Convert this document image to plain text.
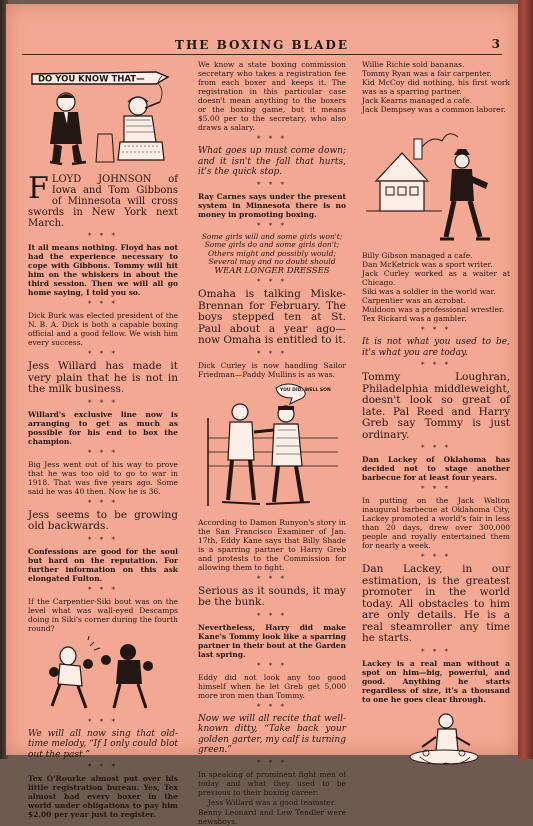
THE BOXING BLADE	3
DO YOU KNOW THAT—

FLOYD JOHNSON of Iowa and Tom Gibbons of Minnesota will cross swords in New York next March.

* * *

It all means nothing. Floyd has not had the experience necessary to cope with Gibbons. Tommy will hit him on the whiskers in about the third session. Then we will all go home saying, I told you so.

* * *

Dick Burk was elected president of the N. B. A. Dick is both a capable boxing official and a good fellow. We wish him every success.

* * *

Jess Willard has made it very plain that he is not in the milk business.

* * *

Willard's exclusive line now is arranging to get as much as possible for his end to box the champion.

* * *

Big Jess went out of his way to prove that he was too old to go to war in 1918. That was five years ago. Some said he was 40 then. Now he is 36.

* * *

Jess seems to be growing old backwards.

* * *

Confessions are good for the soul but hard on the reputation. For further information on this ask elongated Fulton.

* * *

If the Carpentier-Siki bout was on the level what was wall-eyed Descamps doing in Siki's corner during the fourth round?

* * *

We will all now sing that old-time melody, “If I only could blot out the past.”

* * *

Tex O'Rourke almost put over his little registration bureau. Yes, Tex almost had every boxer in the world under obligations to pay him $2.00 per year just to register.

We know a state boxing commission secretary who takes a registration fee from each boxer and keeps it. The registration in this particular case doesn't mean anything to the boxers or the boxing game, but it means $5.00 per to the secretary, who also draws a salary.

* * *

What goes up must come down; and it isn't the fall that hurts, it's the quick stop.

* * *

Ray Carnes says under the present system in Minnesota there is no money in promoting boxing.

* * *

Some girls will and some girls won't;

Some girls do and some girls don't;

Others might and possibly would;

Several may and no doubt should

WEAR LONGER DRESSES

* * *

Omaha is talking Miske-Brennan for February. The boys stepped ten at St. Paul about a year ago—now Omaha is entitled to it.

* * *

Dick Curley is now handling Sailor Friedman—Paddy Mullins is as was.

YOU DID, WELL SON

According to Damon Runyon's story in the San Francisco Examiner of Jan. 17th, Eddy Kane says that Billy Shade is a sparring partner to Harry Greb and protests to the Commission for allowing them to fight.

* * *

Serious as it sounds, it may be the bunk.

* * *

Nevertheless, Harry did make Kane's Tommy look like a sparring partner in their bout at the Garden last spring.

* * *

Eddy did not look any too good himself when he let Greb get 5,000 more iron men than Tommy.

* * *

Now we will all recite that well-known ditty, “Take back your golden garter, my calf is turning green.”

* * *

In speaking of prominent fight men of today and what they used to be previous to their boxing career:

Jess Willard was a good teamster.

Benny Leonard and Lew Tendler were newsboys.

Willie Richie sold bananas.

Tommy Ryan was a fair carpenter.

Kid McCoy did nothing, his first work was as a sparring partner.

Jack Kearns managed a cafe.

Jack Dempsey was a common laborer.

Billy Gibson managed a cafe.

Dan McKetrick was a sport writer.

Jack Curley worked as a waiter at Chicago.

Siki was a soldier in the world war.

Carpentier was an acrobat.

Muldoon was a professional wrestler.

Tex Rickard was a gambler.

* * *

It is not what you used to be, it's what you are today.

* * *

Tommy Loughran, Philadelphia middleweight, doesn't look so great of late. Pal Reed and Harry Greb say Tommy is just ordinary.

* * *

Dan Lackey of Oklahoma has decided not to stage another barbecue for at least four years.

* * *

In putting on the Jack Walton inaugural barbecue at Oklahoma City, Lackey promoted a world's fair in less than 20 days, drew over 300,000 people and royally entertained them for nearly a week.

* * *

Dan Lackey, in our estimation, is the greatest promoter in the world today. All obstacles to him are only details. He is a real steamroller any time he starts.

* * *

Lackey is a real man without a spot on him—big, powerful, and good. Anything he starts regardless of size, it's a thousand to one he goes clear through.
